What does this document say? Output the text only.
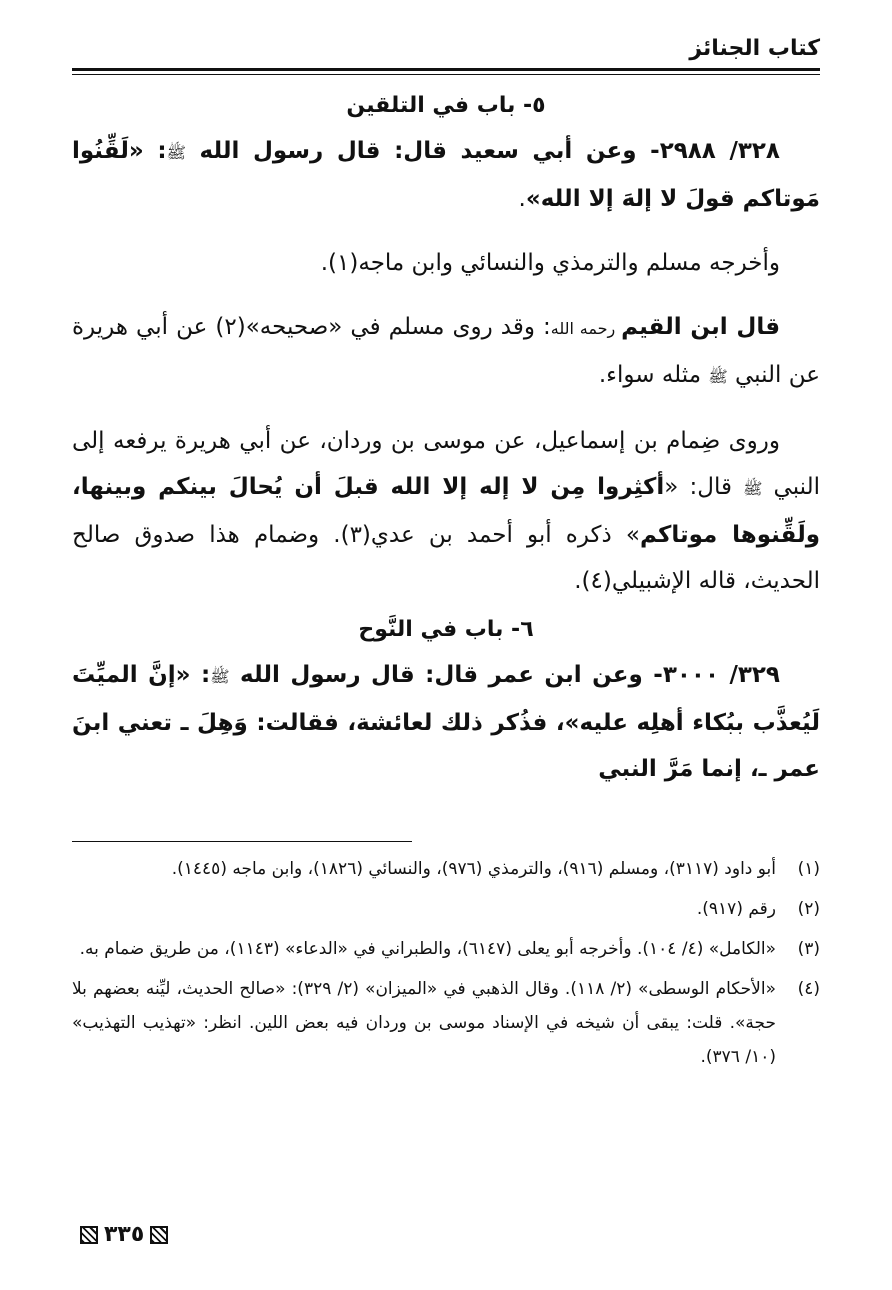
كتاب الجنائز
٥- باب في التلقين

٣٢٨/ ٢٩٨٨- وعن أبي سعيد قال: قال رسول الله ﷺ: «لَقِّنُوا مَوتاكم قولَ لا إلهَ إلا الله».

وأخرجه مسلم والترمذي والنسائي وابن ماجه(١).

قال ابن القيم رحمه الله: وقد روى مسلم في «صحيحه»(٢) عن أبي هريرة عن النبي ﷺ مثله سواء.

وروى ضِمام بن إسماعيل، عن موسى بن وردان، عن أبي هريرة يرفعه إلى النبي ﷺ قال: «أكثِروا مِن لا إله إلا الله قبلَ أن يُحالَ بينكم وبينها، ولَقِّنوها موتاكم» ذكره أبو أحمد بن عدي(٣). وضمام هذا صدوق صالح الحديث، قاله الإشبيلي(٤).

٦- باب في النَّوح

٣٢٩/ ٣٠٠٠- وعن ابن عمر قال: قال رسول الله ﷺ: «إنَّ الميِّتَ لَيُعذَّب ببُكاء أهلِه عليه»، فذُكر ذلك لعائشة، فقالت: وَهِلَ ـ تعني ابنَ عمر ـ، إنما مَرَّ النبي

(١)
أبو داود (٣١١٧)، ومسلم (٩١٦)، والترمذي (٩٧٦)، والنسائي (١٨٢٦)، وابن ماجه (١٤٤٥).
(٢)
رقم (٩١٧).
(٣)
«الكامل» (٤/ ١٠٤). وأخرجه أبو يعلى (٦١٤٧)، والطبراني في «الدعاء» (١١٤٣)، من طريق ضمام به.
(٤)
«الأحكام الوسطى» (٢/ ١١٨). وقال الذهبي في «الميزان» (٢/ ٣٢٩): «صالح الحديث، ليِّنه بعضهم بلا حجة». قلت: يبقى أن شيخه في الإسناد موسى بن وردان فيه بعض اللين. انظر: «تهذيب التهذيب» (١٠/ ٣٧٦).
٣٣٥
